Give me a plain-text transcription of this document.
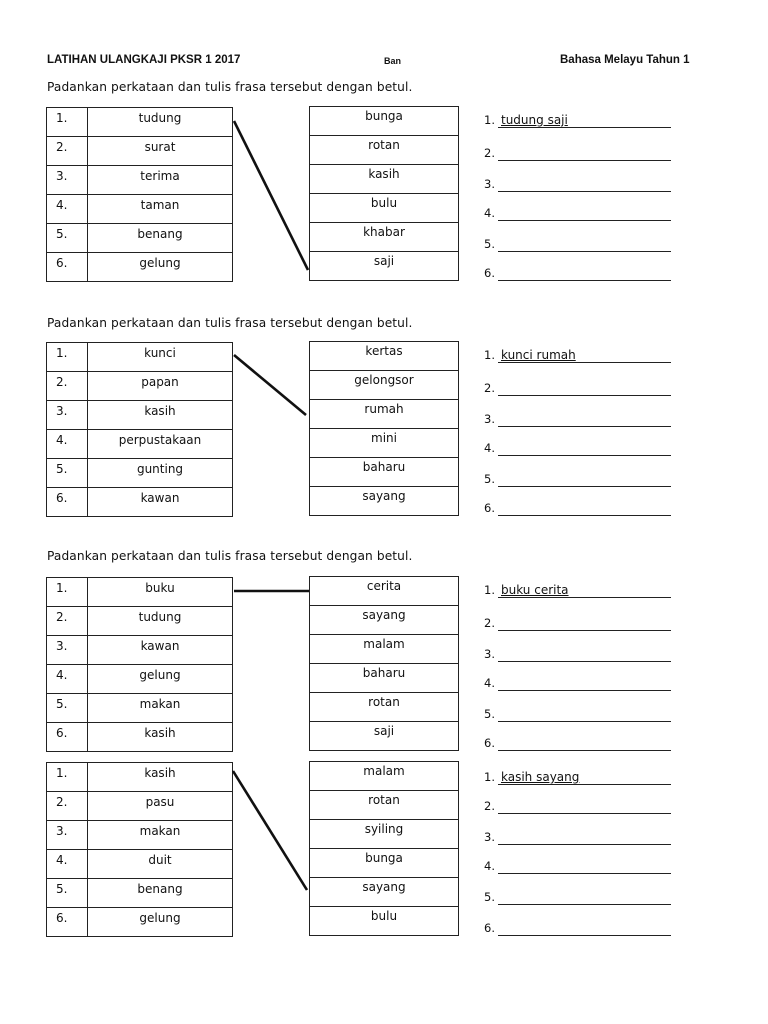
LATIHAN ULANGKAJI PKSR 1 2017	Ban	Bahasa Melayu Tahun 1
Padankan perkataan dan tulis frasa tersebut dengan betul.
Padankan perkataan dan tulis frasa tersebut dengan betul.
Padankan perkataan dan tulis frasa tersebut dengan betul.
1.	tudung
2.	surat
3.	terima
4.	taman
5.	benang
6.	gelung
bunga
rotan
kasih
bulu
khabar
saji
1. tudung saji
2.
3.
4.
5.
6.
1.	kunci
2.	papan
3.	kasih
4.	perpustakaan
5.	gunting
6.	kawan
kertas
gelongsor
rumah
mini
baharu
sayang
1. kunci rumah
2.
3.
4.
5.
6.
1.	buku
2.	tudung
3.	kawan
4.	gelung
5.	makan
6.	kasih
cerita
sayang
malam
baharu
rotan
saji
1. buku cerita
2.
3.
4.
5.
6.
1.	kasih
2.	pasu
3.	makan
4.	duit
5.	benang
6.	gelung
malam
rotan
syiling
bunga
sayang
bulu
1. kasih sayang
2.
3.
4.
5.
6.
